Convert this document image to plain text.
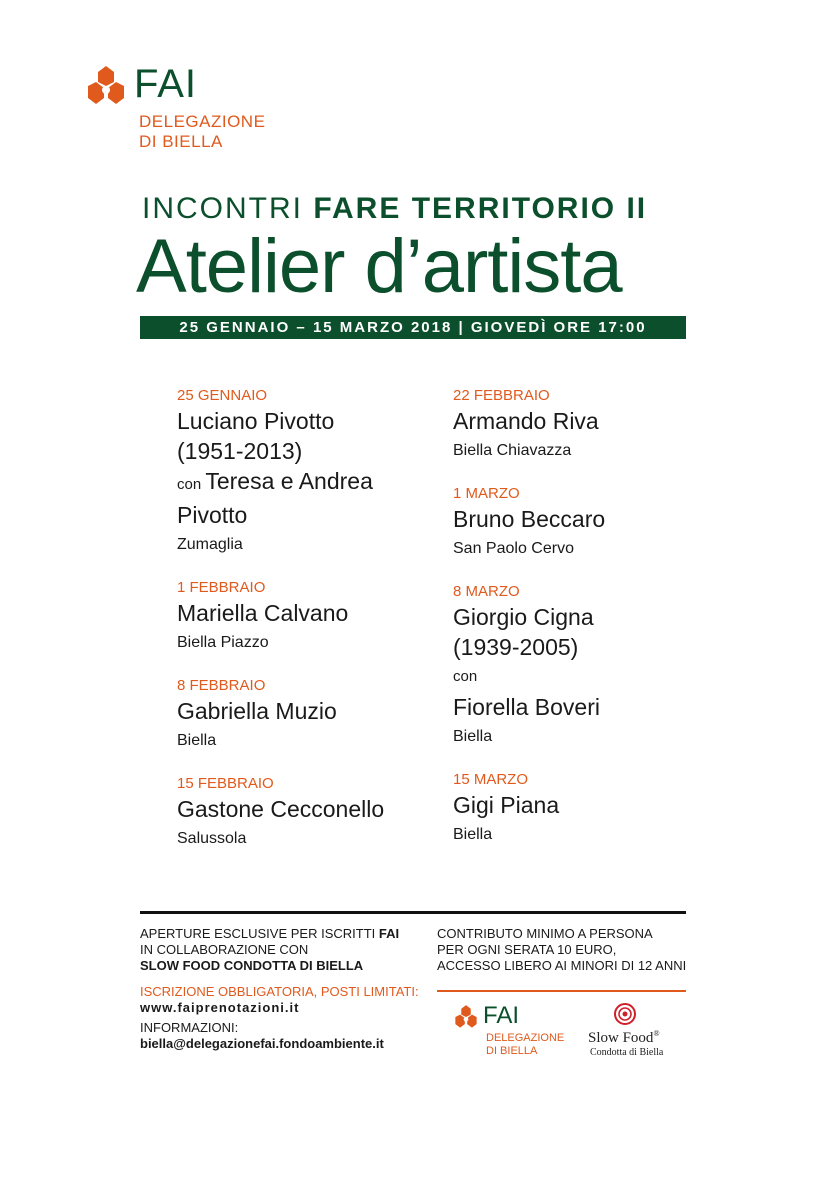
FAI
DELEGAZIONE
DI BIELLA
INCONTRI FARE TERRITORIO II
Atelier d’artista
25 GENNAIO – 15 MARZO 2018 | GIOVEDÌ ORE 17:00
25 GENNAIO
Luciano Pivotto
(1951-2013)
con Teresa e Andrea
Pivotto
Zumaglia
1 FEBBRAIO
Mariella Calvano
Biella Piazzo
8 FEBBRAIO
Gabriella Muzio
Biella
15 FEBBRAIO
Gastone Cecconello
Salussola
22 FEBBRAIO
Armando Riva
Biella Chiavazza
1 MARZO
Bruno Beccaro
San Paolo Cervo
8 MARZO
Giorgio Cigna
(1939-2005)
con
Fiorella Boveri
Biella
15 MARZO
Gigi Piana
Biella
APERTURE ESCLUSIVE PER ISCRITTI FAI
IN COLLABORAZIONE CON
SLOW FOOD CONDOTTA DI BIELLA
ISCRIZIONE OBBLIGATORIA, POSTI LIMITATI:
www.faiprenotazioni.it
INFORMAZIONI:
biella@delegazionefai.fondoambiente.it
CONTRIBUTO MINIMO A PERSONA
PER OGNI SERATA 10 EURO,
ACCESSO LIBERO AI MINORI DI 12 ANNI
FAI
DELEGAZIONE
DI BIELLA
Slow Food®
Condotta di Biella
